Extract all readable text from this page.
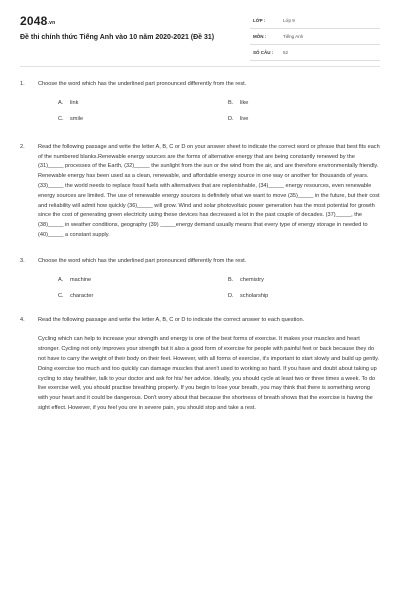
2048.vn
Đề thi chính thức Tiếng Anh vào 10 năm 2020-2021 (Đề 31)
LỚP :	Lớp 9
MÔN :	Tiếng Anh
SỐ CÂU : 52
1. Choose the word which has the underlined part pronounced differently from the rest.
A. link	B. like
C. smile	D. live
2. Read the following passage and write the letter A, B, C or D on your answer sheet to indicate the correct word or phrase that best fits each of the numbered blanks.Renewable energy sources are the forms of alternative energy that are being constantly renewed by the (31)_____ processes of the Earth, (32)_____ the sunlight from the sun or the wind from the air, and are therefore environmentally friendly. Renewable energy has been used as a clean, renewable, and affordable energy source in one way or another for thousands of years. (33)_____ the world needs to replace fossil fuels with alternatives that are replenishable, (34)_____ energy resources, even renewable energy sources are limited. The use of renewable energy sources is definitely what we want to move (35)_____ in the future, but their cost and reliability will admit how quickly (36)_____ will grow. Wind and solar photovoltaic power generation has the most potential for growth since the cost of generating green electricity using these devices has decreased a lot in the past couple of decades. (37)_____, the (38)_____ in weather conditions, geography (39) _____energy demand usually means that every type of energy storage in needed to (40)_____ a constant supply.
3. Choose the word which has the underlined part pronounced differently from the rest.
A. machine	B. chemistry
C. character	D. scholarship
4. Read the following passage and write the letter A, B, C or D to indicate the correct answer to each question.

Cycling which can help to increase your strength and energy is one of the best forms of exercise. It makes your muscles and heart stronger. Cycling not only improves your strength but it also a good form of exercise for people with painful feet or back because they do not have to carry the weight of their body on their feet. However, with all forms of exercise, it's important to start slowly and build up gently. Doing exercise too much and too quickly can damage muscles that aren't used to working so hard. If you have and doubt about taking up cycling to stay healthier, talk to your doctor and ask for his/ her advice. Ideally, you should cycle at least two or three times a week. To do live exercise well, you should practise breathing properly. If you begin to lose your breath, you may think that there is something wrong with your heart and it could be dangerous. Don't worry about that because the shortness of breath shows that the exercise is having the sight effect. However, if you feel you ore in severe pain, you should stop and take a rest.
